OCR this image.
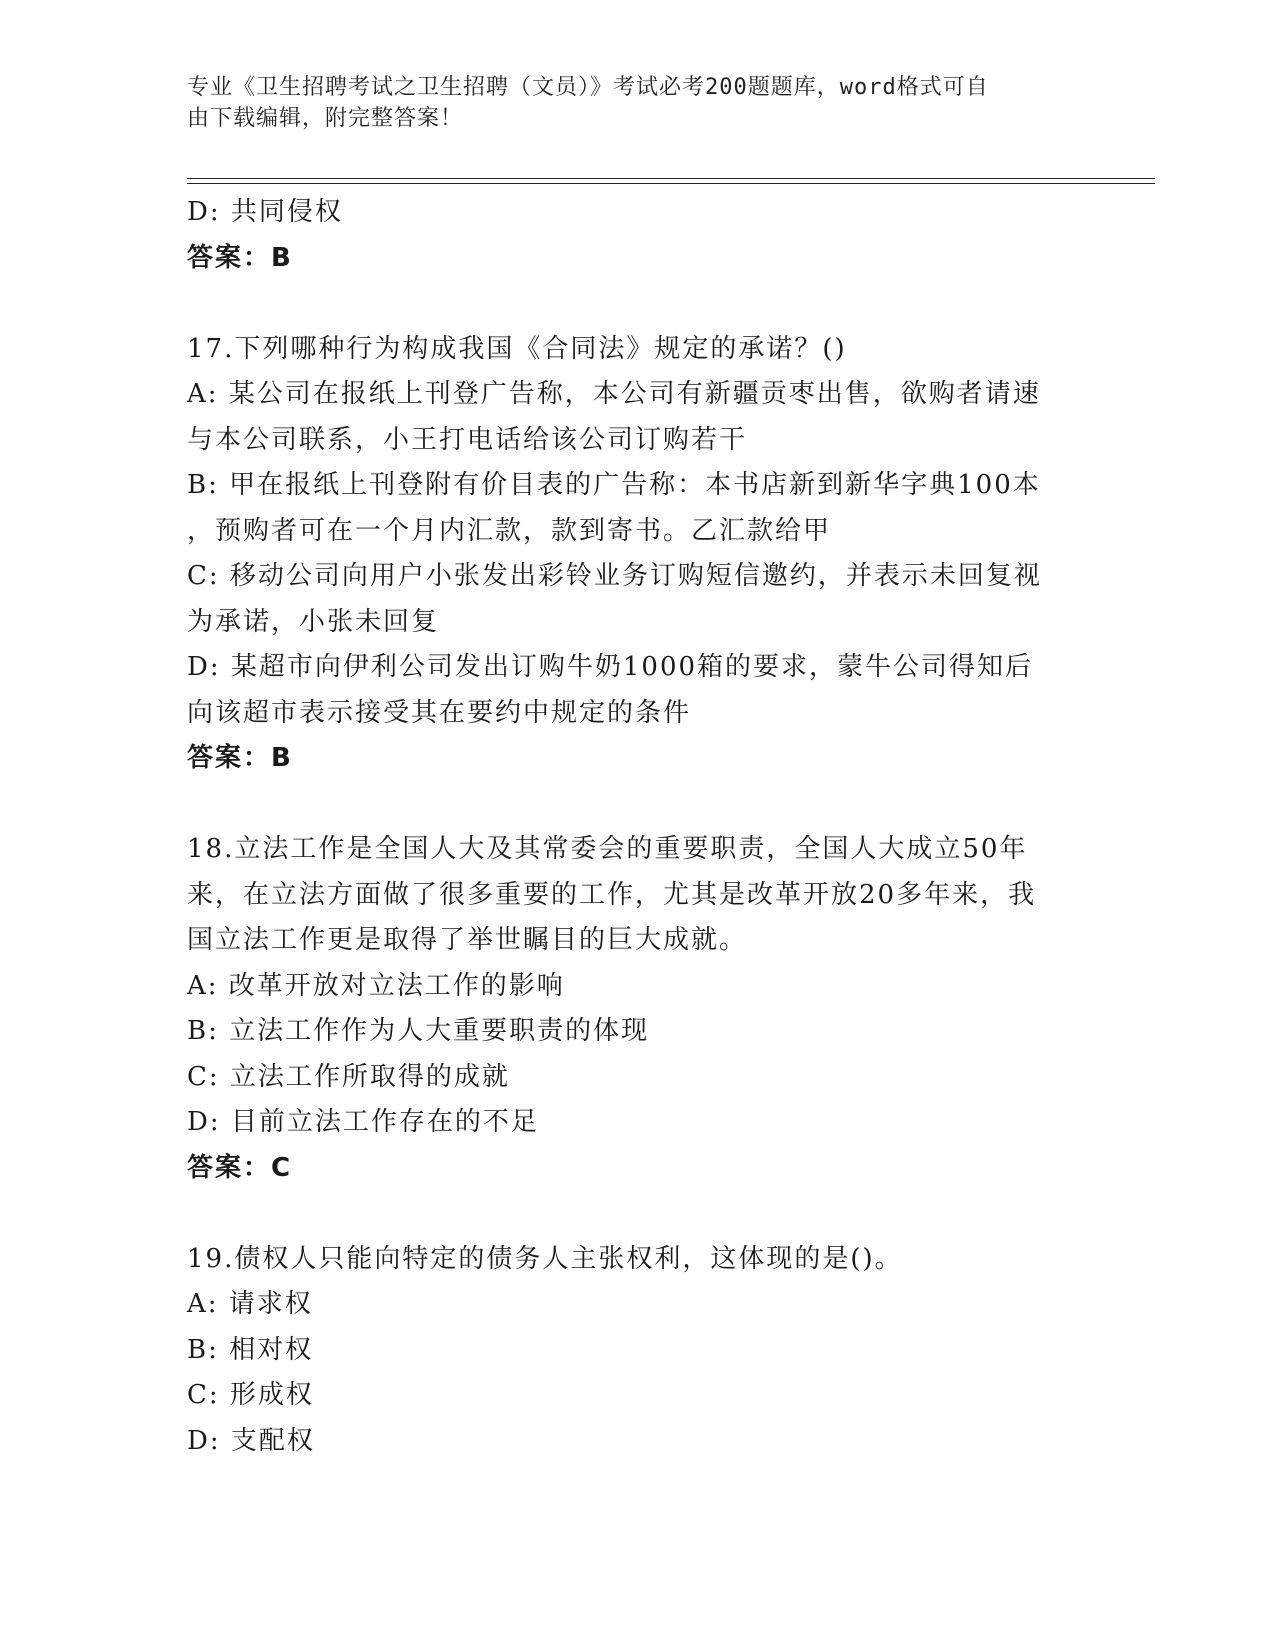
专业《卫生招聘考试之卫生招聘（文员）》考试必考200题题库，word格式可自
由下载编辑，附完整答案！
D: 共同侵权
答案：B
17.下列哪种行为构成我国《合同法》规定的承诺？()
A: 某公司在报纸上刊登广告称，本公司有新疆贡枣出售，欲购者请速
与本公司联系，小王打电话给该公司订购若干
B: 甲在报纸上刊登附有价目表的广告称：本书店新到新华字典100本
，预购者可在一个月内汇款，款到寄书。乙汇款给甲
C: 移动公司向用户小张发出彩铃业务订购短信邀约，并表示未回复视
为承诺，小张未回复
D: 某超市向伊利公司发出订购牛奶1000箱的要求，蒙牛公司得知后
向该超市表示接受其在要约中规定的条件
答案：B
18.立法工作是全国人大及其常委会的重要职责，全国人大成立50年
来，在立法方面做了很多重要的工作，尤其是改革开放20多年来，我
国立法工作更是取得了举世瞩目的巨大成就。
A: 改革开放对立法工作的影响
B: 立法工作作为人大重要职责的体现
C: 立法工作所取得的成就
D: 目前立法工作存在的不足
答案：C
19.债权人只能向特定的债务人主张权利，这体现的是()。
A: 请求权
B: 相对权
C: 形成权
D: 支配权
